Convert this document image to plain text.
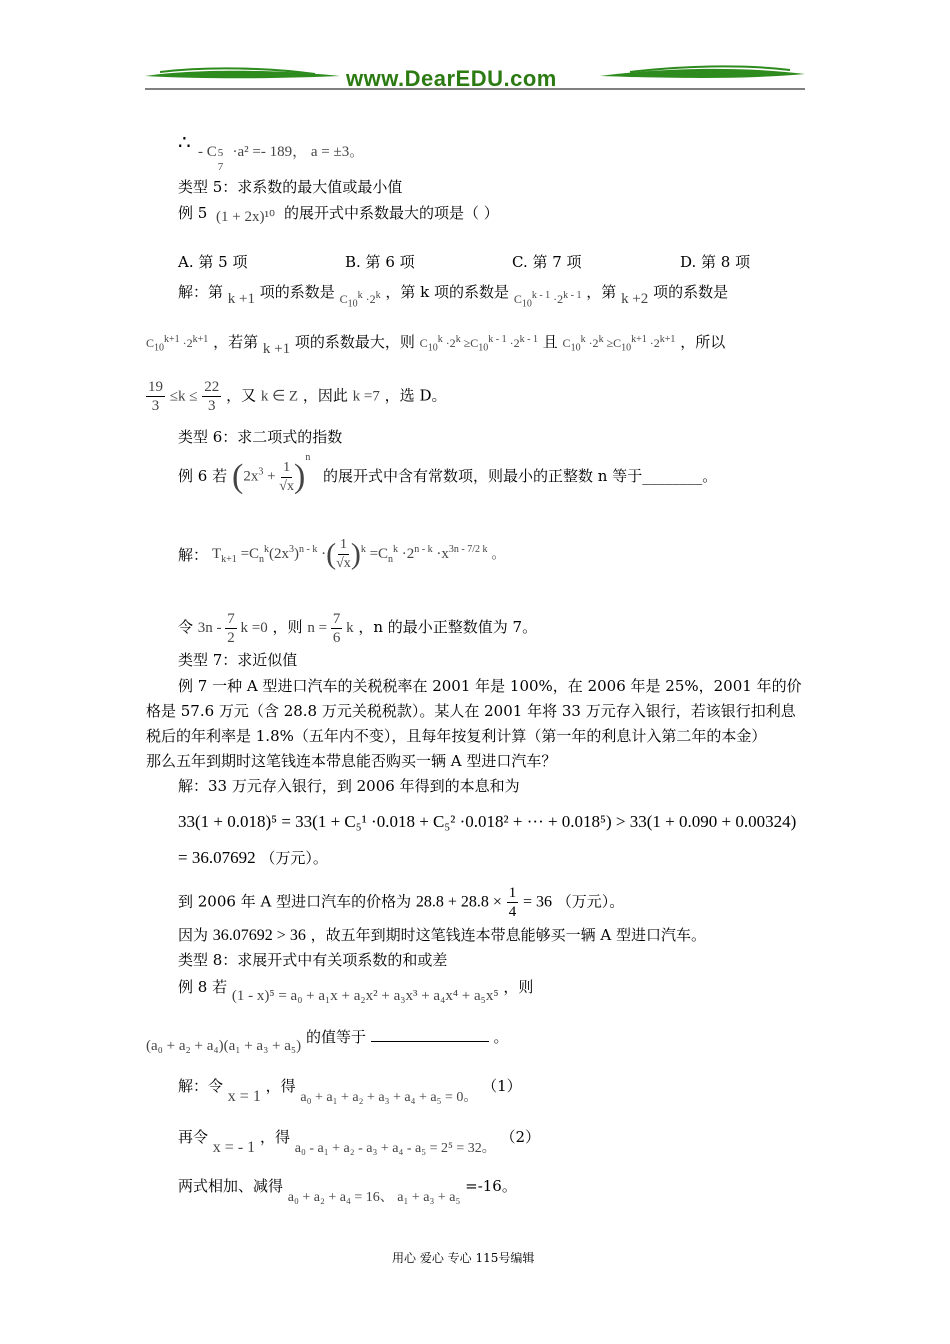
www.DearEDU.com
∴ - C 5
7
·a² =- 189， a = ±3。
类型 5：求系数的最大值或最小值
例 5 (1 + 2x)¹⁰ 的展开式中系数最大的项是（ ）
A. 第 5 项	B. 第 6 项	C. 第 7 项	D. 第 8 项
解：第 k +1 项的系数是 $_{C_{10}^k \cdot 2^k}$ ，第 k 项的系数是 $_{C_{10}^{k - 1} \cdot 2^{k - 1}}$ ，第 k +2 项的系数是
$C_{10}^{k+1} \cdot 2^{k+1}$ ，若第 k +1 项的系数最大，则 $C_{10}^k \cdot 2^k \ge C_{10}^{k - 1} \cdot 2^{k - 1}$ 且 $C_{10}^k \cdot 2^k \ge C_{10}^{k+1} \cdot 2^{k+1}$ ，所以
$\frac{19}{3} \le k \le \frac{22}{3}$ ，又 k ∈ Z ，因此 k =7 ，选 D。
类型 6：求二项式的指数
例 6 若 $(2x^3 + \frac{1}{√x} )^n$
的展开式中含有常数项，则最小的正整数 n 等于________。
解： $T_{k+1} =C_n^k(2x^3)^{n - k}$ ·( $\frac{1}{√x} )^k =C_n^k \cdot 2^{n - k} \cdot x^{3n - 7/2 k}$ 。
令 $3n - \frac{7}{2}$ k =0 ，则 $n = \frac{7}{6}$ k ，n 的最小正整数值为 7。
类型 7：求近似值
例 7 一种 A 型进口汽车的关税税率在 2001 年是 100%，在 2006 年是 25%，2001 年的价
格是 57.6 万元（含 28.8 万元关税税款）。某人在 2001 年将 33 万元存入银行，若该银行扣利息
税后的年利率是 1.8%（五年内不变），且每年按复利计算（第一年的利息计入第二年的本金）
那么五年到期时这笔钱连本带息能否购买一辆 A 型进口汽车？
解：33 万元存入银行，到 2006 年得到的本息和为
33(1 + 0.018)⁵ = 33(1 + C₅¹ ·0.018 + C₅² ·0.018² + ··· + 0.018⁵) > 33(1 + 0.090 + 0.00324)
= 36.07692 （万元）。
到 2006 年 A 型进口汽车的价格为 $28.8 + 28.8 \times \frac{1}{4} = 36$ （万元）。
因为 36.07692 > 36 ，故五年到期时这笔钱连本带息能够买一辆 A 型进口汽车。
类型 8：求展开式中有关项系数的和或差
例 8 若 (1 - x)⁵ = a₀ + a₁x + a₂x² + a₃x³ + a₄x⁴ + a₅x⁵ ，则
(a₀ + a₂ + a₄)(a₁ + a₃ + a₅) 的值等于	。
解：令 x = 1 ，得 a₀ + a₁ + a₂ + a₃ + a₄ + a₅ = 0。 （1）
再令 x = - 1 ，得 a₀ - a₁ + a₂ - a₃ + a₄ - a₅ = 2⁵ = 32。 （2）
两式相加、减得 a₀ + a₂ + a₄ = 16、 a₁ + a₃ + a₅ =-16。
用心 爱心 专心 115号编辑
